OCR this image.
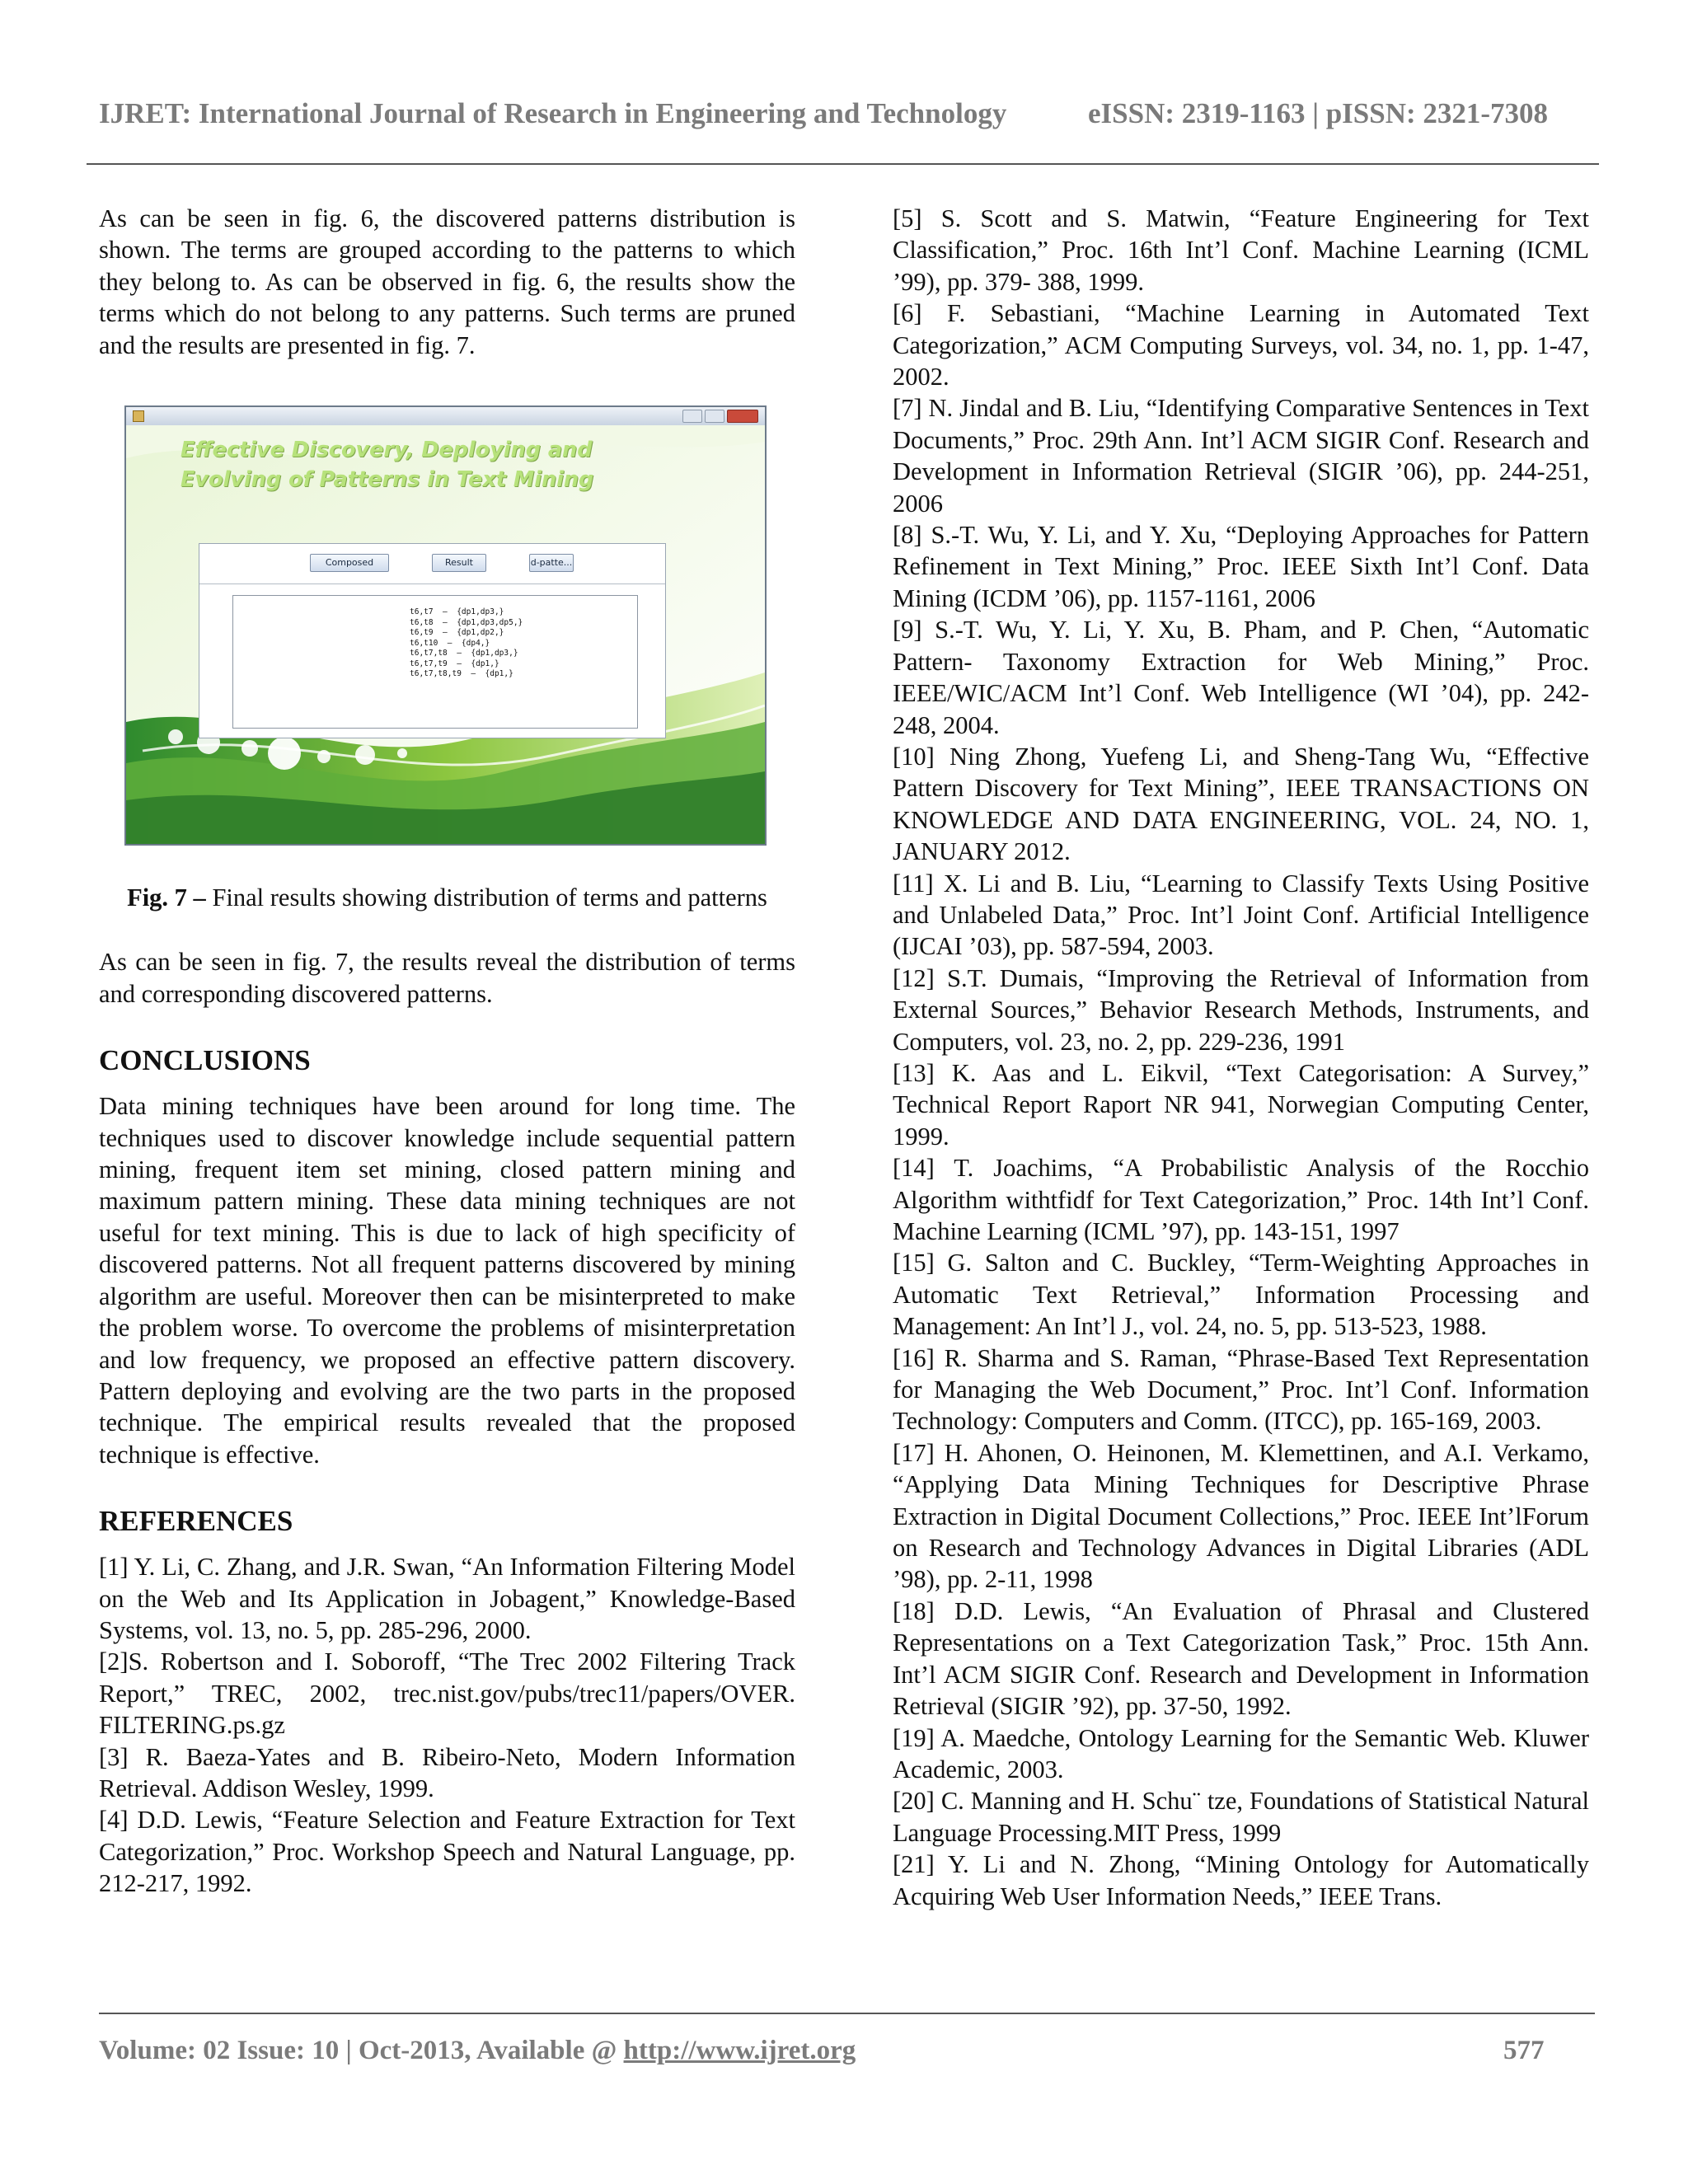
IJRET: International Journal of Research in Engineering and Technology	eISSN: 2319-1163 | pISSN: 2321-7308

As can be seen in fig. 6, the discovered patterns distribution is shown. The terms are grouped according to the patterns to which they belong to. As can be observed in fig. 6, the results show the terms which do not belong to any patterns. Such terms are pruned and the results are presented in fig. 7.

Effective Discovery, Deploying and
Evolving of Patterns in Text Mining
Composed	Result	d-patte...
t6,t7  —  {dp1,dp3,}
t6,t8  —  {dp1,dp3,dp5,}
t6,t9  —  {dp1,dp2,}
t6,t10  —  {dp4,}
t6,t7,t8  —  {dp1,dp3,}
t6,t7,t9  —  {dp1,}
t6,t7,t8,t9  —  {dp1,}
Fig. 7 – Final results showing distribution of terms and patterns

As can be seen in fig. 7, the results reveal the distribution of terms and corresponding discovered patterns.

CONCLUSIONS

Data mining techniques have been around for long time. The techniques used to discover knowledge include sequential pattern mining, frequent item set mining, closed pattern mining and maximum pattern mining. These data mining techniques are not useful for text mining. This is due to lack of high specificity of discovered patterns. Not all frequent patterns discovered by mining algorithm are useful. Moreover then can be misinterpreted to make the problem worse. To overcome the problems of misinterpretation and low frequency, we proposed an effective pattern discovery. Pattern deploying and evolving are the two parts in the proposed technique. The empirical results revealed that the proposed technique is effective.

REFERENCES

[1] Y. Li, C. Zhang, and J.R. Swan, “An Information Filtering Model on the Web and Its Application in Jobagent,” Knowledge-Based Systems, vol. 13, no. 5, pp. 285-296, 2000.

[2]S. Robertson and I. Soboroff, “The Trec 2002 Filtering Track Report,” TREC, 2002, trec.nist.gov/pubs/trec11/papers/OVER. FILTERING.ps.gz

[3] R. Baeza-Yates and B. Ribeiro-Neto, Modern Information Retrieval. Addison Wesley, 1999.

[4] D.D. Lewis, “Feature Selection and Feature Extraction for Text Categorization,” Proc. Workshop Speech and Natural Language, pp. 212-217, 1992.

[5] S. Scott and S. Matwin, “Feature Engineering for Text Classification,” Proc. 16th Int’l Conf. Machine Learning (ICML ’99), pp. 379- 388, 1999.

[6] F. Sebastiani, “Machine Learning in Automated Text Categorization,” ACM Computing Surveys, vol. 34, no. 1, pp. 1-47, 2002.

[7] N. Jindal and B. Liu, “Identifying Comparative Sentences in Text Documents,” Proc. 29th Ann. Int’l ACM SIGIR Conf. Research and Development in Information Retrieval (SIGIR ’06), pp. 244-251, 2006

[8] S.-T. Wu, Y. Li, and Y. Xu, “Deploying Approaches for Pattern Refinement in Text Mining,” Proc. IEEE Sixth Int’l Conf. Data Mining (ICDM ’06), pp. 1157-1161, 2006

[9] S.-T. Wu, Y. Li, Y. Xu, B. Pham, and P. Chen, “Automatic Pattern- Taxonomy Extraction for Web Mining,” Proc. IEEE/WIC/ACM Int’l Conf. Web Intelligence (WI ’04), pp. 242-248, 2004.

[10] Ning Zhong, Yuefeng Li, and Sheng-Tang Wu, “Effective Pattern Discovery for Text Mining”, IEEE TRANSACTIONS ON KNOWLEDGE AND DATA ENGINEERING, VOL. 24, NO. 1, JANUARY 2012.

[11] X. Li and B. Liu, “Learning to Classify Texts Using Positive and Unlabeled Data,” Proc. Int’l Joint Conf. Artificial Intelligence (IJCAI ’03), pp. 587-594, 2003.

[12] S.T. Dumais, “Improving the Retrieval of Information from External Sources,” Behavior Research Methods, Instruments, and Computers, vol. 23, no. 2, pp. 229-236, 1991

[13] K. Aas and L. Eikvil, “Text Categorisation: A Survey,” Technical Report Raport NR 941, Norwegian Computing Center, 1999.

[14] T. Joachims, “A Probabilistic Analysis of the Rocchio Algorithm withtfidf for Text Categorization,” Proc. 14th Int’l Conf. Machine Learning (ICML ’97), pp. 143-151, 1997

[15] G. Salton and C. Buckley, “Term-Weighting Approaches in Automatic Text Retrieval,” Information Processing and Management: An Int’l J., vol. 24, no. 5, pp. 513-523, 1988.

[16] R. Sharma and S. Raman, “Phrase-Based Text Representation for Managing the Web Document,” Proc. Int’l Conf. Information Technology: Computers and Comm. (ITCC), pp. 165-169, 2003.

[17] H. Ahonen, O. Heinonen, M. Klemettinen, and A.I. Verkamo, “Applying Data Mining Techniques for Descriptive Phrase Extraction in Digital Document Collections,” Proc. IEEE Int’lForum on Research and Technology Advances in Digital Libraries (ADL ’98), pp. 2-11, 1998

[18] D.D. Lewis, “An Evaluation of Phrasal and Clustered Representations on a Text Categorization Task,” Proc. 15th Ann. Int’l ACM SIGIR Conf. Research and Development in Information Retrieval (SIGIR ’92), pp. 37-50, 1992.

[19] A. Maedche, Ontology Learning for the Semantic Web. Kluwer Academic, 2003.

[20] C. Manning and H. Schu¨ tze, Foundations of Statistical Natural Language Processing.MIT Press, 1999

[21] Y. Li and N. Zhong, “Mining Ontology for Automatically Acquiring Web User Information Needs,” IEEE Trans.

Volume: 02 Issue: 10 | Oct-2013, Available @ http://www.ijret.org	577
